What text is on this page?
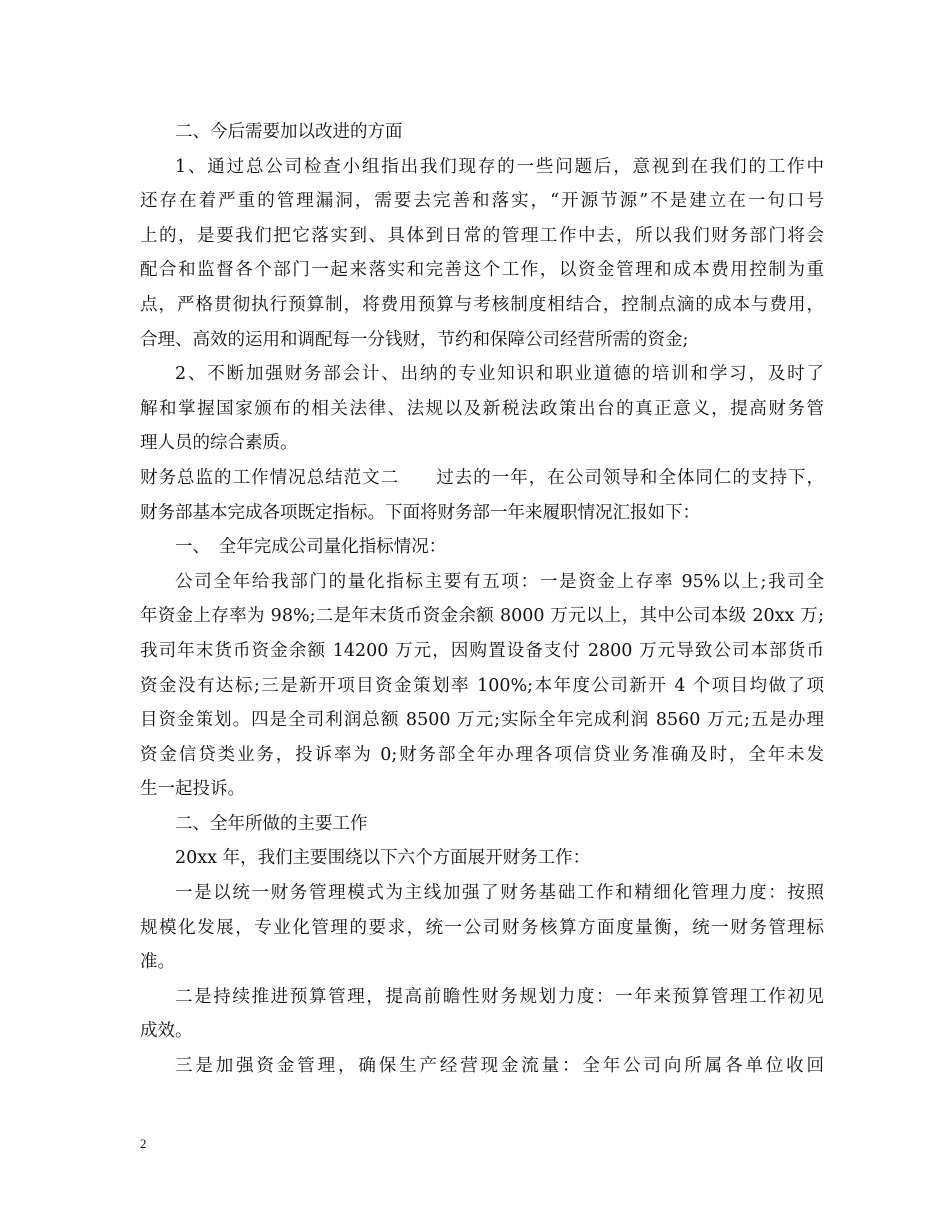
二、今后需要加以改进的方面
1、通过总公司检查小组指出我们现存的一些问题后，意视到在我们的工作中
还存在着严重的管理漏洞，需要去完善和落实，“开源节源”不是建立在一句口号
上的，是要我们把它落实到、具体到日常的管理工作中去，所以我们财务部门将会
配合和监督各个部门一起来落实和完善这个工作，以资金管理和成本费用控制为重
点，严格贯彻执行预算制，将费用预算与考核制度相结合，控制点滴的成本与费用，
合理、高效的运用和调配每一分钱财，节约和保障公司经营所需的资金;
2、不断加强财务部会计、出纳的专业知识和职业道德的培训和学习，及时了
解和掌握国家颁布的相关法律、法规以及新税法政策出台的真正意义，提高财务管
理人员的综合素质。
财务总监的工作情况总结范文二　　过去的一年，在公司领导和全体同仁的支持下，
财务部基本完成各项既定指标。下面将财务部一年来履职情况汇报如下：
一、　全年完成公司量化指标情况：
公司全年给我部门的量化指标主要有五项：一是资金上存率 95%以上;我司全
年资金上存率为 98%;二是年末货币资金余额 8000 万元以上，其中公司本级 20xx 万;
我司年末货币资金余额 14200 万元，因购置设备支付 2800 万元导致公司本部货币
资金没有达标;三是新开项目资金策划率 100%;本年度公司新开 4 个项目均做了项
目资金策划。四是全司利润总额 8500 万元;实际全年完成利润 8560 万元;五是办理
资金信贷类业务，投诉率为 0;财务部全年办理各项信贷业务准确及时，全年未发
生一起投诉。
二、全年所做的主要工作
20xx 年，我们主要围绕以下六个方面展开财务工作：
一是以统一财务管理模式为主线加强了财务基础工作和精细化管理力度：按照
规模化发展，专业化管理的要求，统一公司财务核算方面度量衡，统一财务管理标
准。
二是持续推进预算管理，提高前瞻性财务规划力度：一年来预算管理工作初见
成效。
三是加强资金管理，确保生产经营现金流量：全年公司向所属各单位收回
2
